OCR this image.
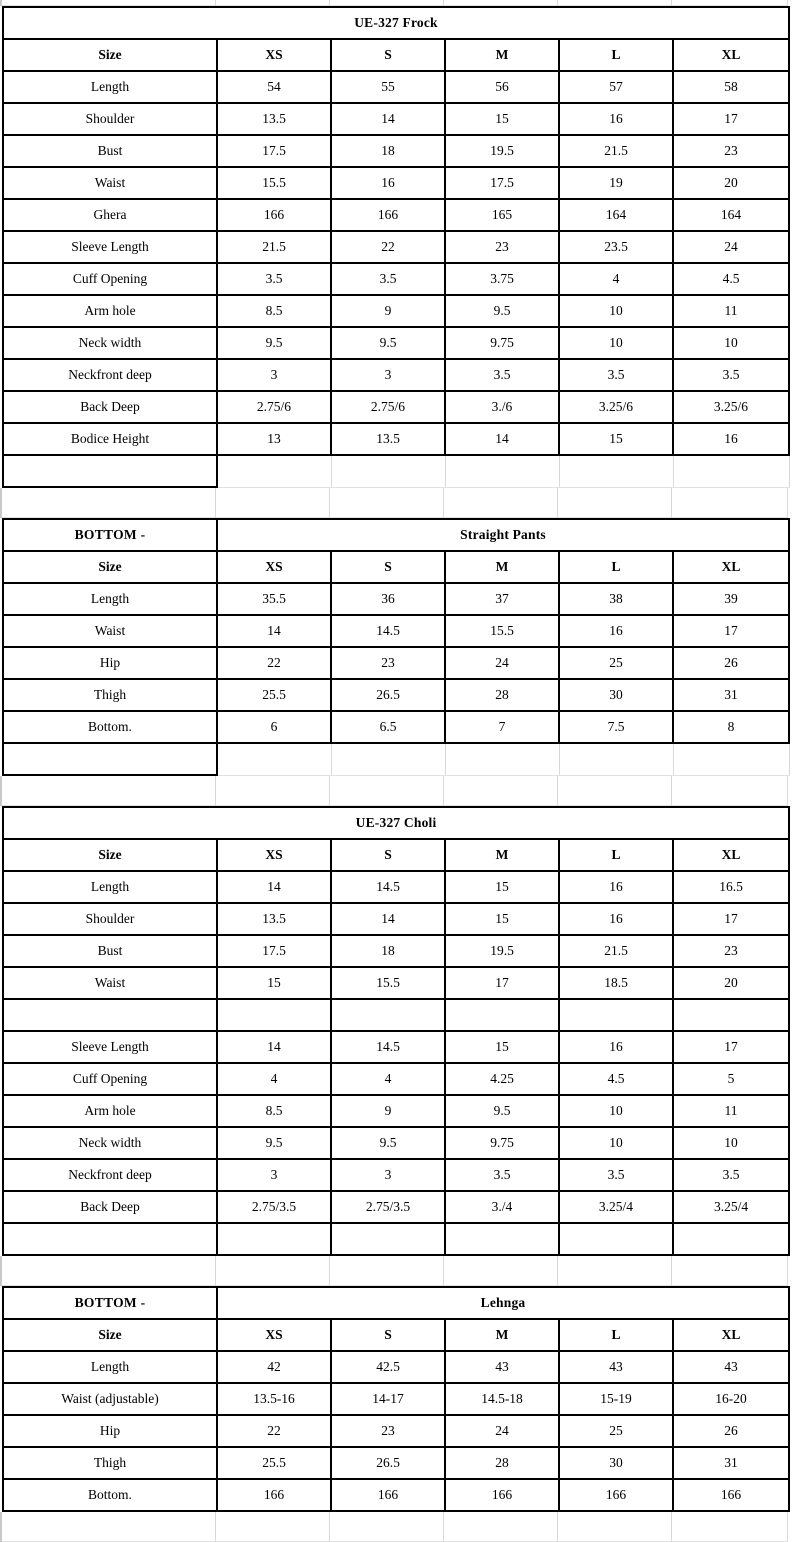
UE-327 Frock					
Size	XS	S	M	L	XL
Length	54	55	56	57	58
Shoulder	13.5	14	15	16	17
Bust	17.5	18	19.5	21.5	23
Waist	15.5	16	17.5	19	20
Ghera	166	166	165	164	164
Sleeve Length	21.5	22	23	23.5	24
Cuff Opening	3.5	3.5	3.75	4	4.5
Arm hole	8.5	9	9.5	10	11
Neck width	9.5	9.5	9.75	10	10
Neckfront deep	3	3	3.5	3.5	3.5
Back Deep	2.75/6	2.75/6	3./6	3.25/6	3.25/6
Bodice Height	13	13.5	14	15	16

BOTTOM -	Straight Pants				
Size	XS	S	M	L	XL
Length	35.5	36	37	38	39
Waist	14	14.5	15.5	16	17
Hip	22	23	24	25	26
Thigh	25.5	26.5	28	30	31
Bottom.	6	6.5	7	7.5	8

UE-327 Choli					
Size	XS	S	M	L	XL
Length	14	14.5	15	16	16.5
Shoulder	13.5	14	15	16	17
Bust	17.5	18	19.5	21.5	23
Waist	15	15.5	17	18.5	20

Sleeve Length	14	14.5	15	16	17
Cuff Opening	4	4	4.25	4.5	5
Arm hole	8.5	9	9.5	10	11
Neck width	9.5	9.5	9.75	10	10
Neckfront deep	3	3	3.5	3.5	3.5
Back Deep	2.75/3.5	2.75/3.5	3./4	3.25/4	3.25/4

BOTTOM -	Lehnga				
Size	XS	S	M	L	XL
Length	42	42.5	43	43	43
Waist (adjustable)	13.5-16	14-17	14.5-18	15-19	16-20
Hip	22	23	24	25	26
Thigh	25.5	26.5	28	30	31
Bottom.	166	166	166	166	166
